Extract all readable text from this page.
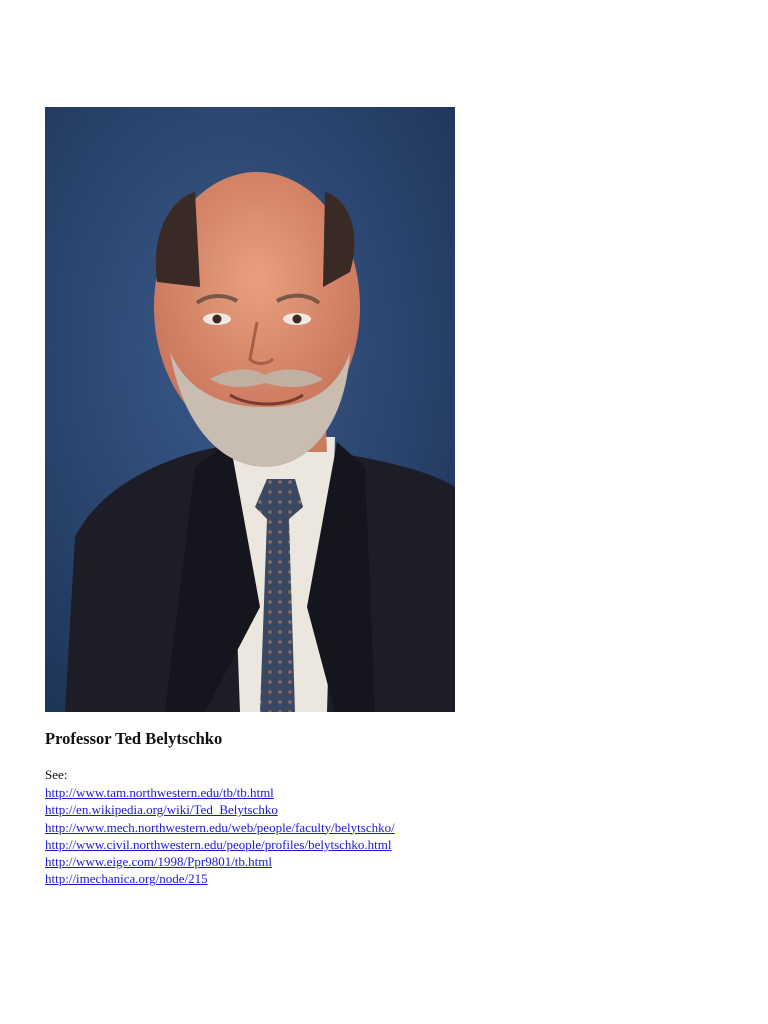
Professor Ted Belytschko
See:
http://www.tam.northwestern.edu/tb/tb.html
http://en.wikipedia.org/wiki/Ted_Belytschko
http://www.mech.northwestern.edu/web/people/faculty/belytschko/
http://www.civil.northwestern.edu/people/profiles/belytschko.html
http://www.eige.com/1998/Ppr9801/tb.html
http://imechanica.org/node/215
